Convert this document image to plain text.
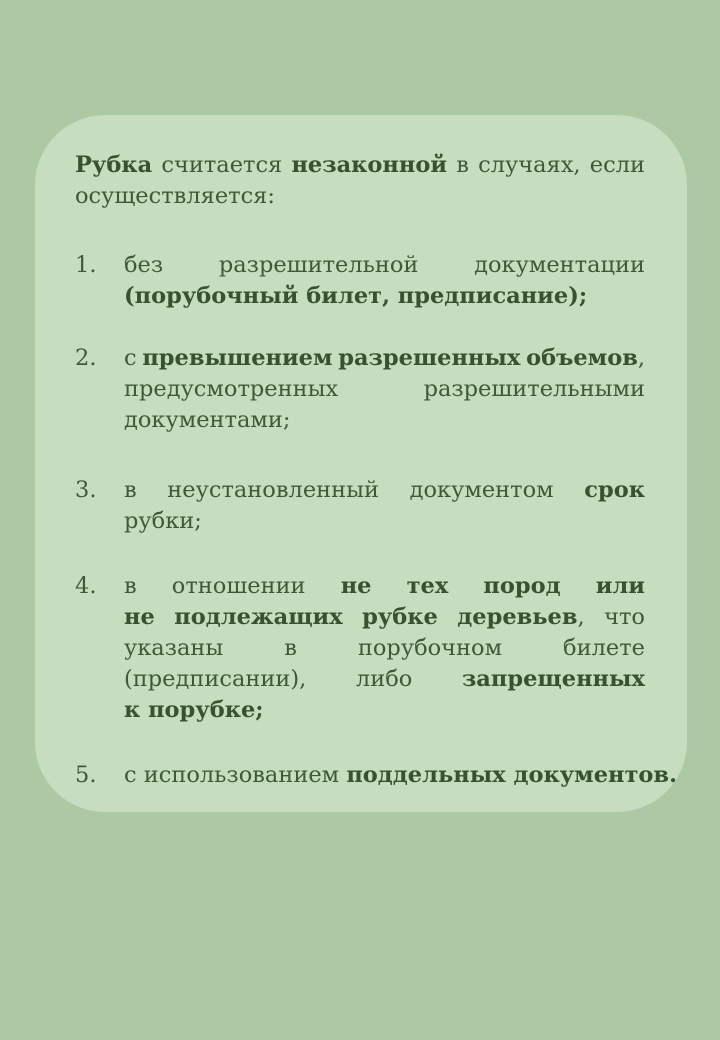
Рубка считается незаконной в случаях, если
осуществляется:
1. без разрешительной документации
(порубочный билет, предписание);
2. с превышением разрешенных объемов,
предусмотренных	разрешительными
документами;
3. в неустановленный документом срок
рубки;
4. в отношении не тех пород или
не подлежащих рубке деревьев, что
указаны	в	порубочном	билете
(предписании), либо запрещенных
к порубке;
5. с использованием поддельных документов.
